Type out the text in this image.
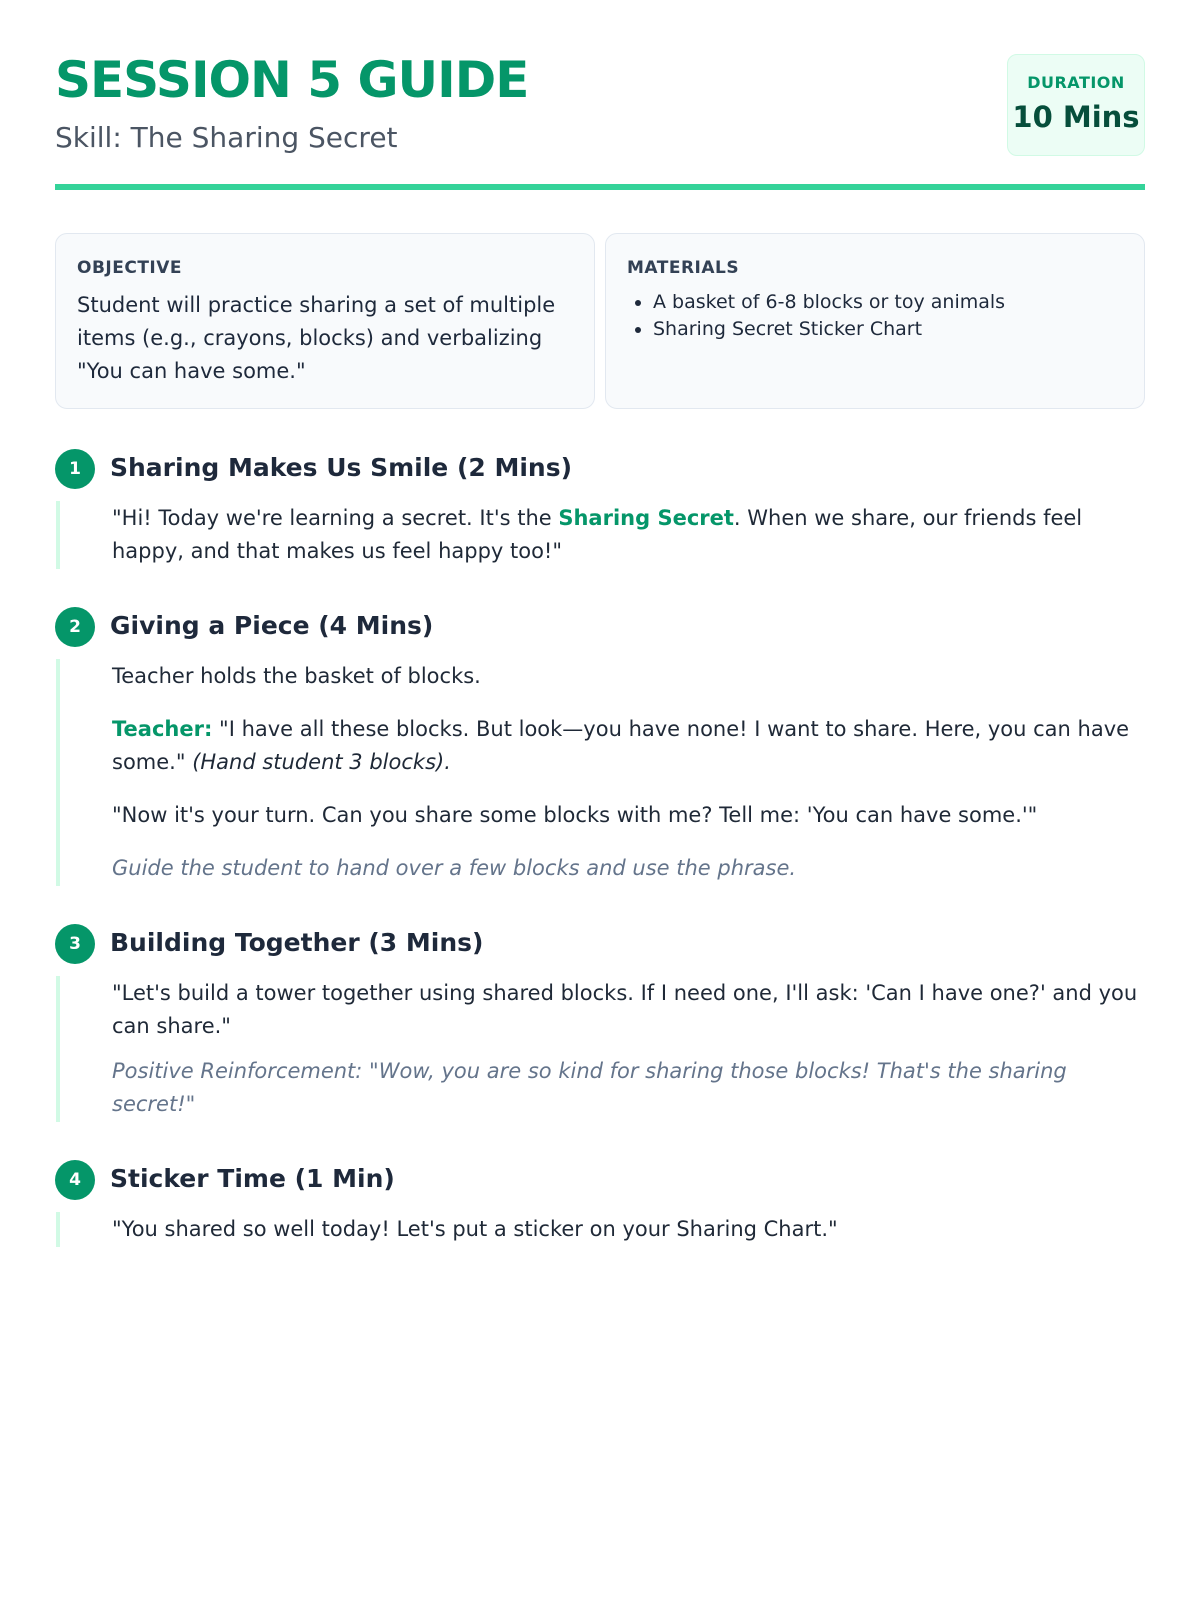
SESSION 5 GUIDE

Skill: The Sharing Secret

DURATION
10 Mins
OBJECTIVE

Student will practice sharing a set of multiple items (e.g., crayons, blocks) and verbalizing "You can have some."

MATERIALS
• A basket of 6-8 blocks or toy animals
• Sharing Secret Sticker Chart
1	Sharing Makes Us Smile (2 Mins)

"Hi! Today we're learning a secret. It's the Sharing Secret. When we share, our friends feel happy, and that makes us feel happy too!"

2	Giving a Piece (4 Mins)

Teacher holds the basket of blocks.

Teacher: "I have all these blocks. But look—you have none! I want to share. Here, you can have some." (Hand student 3 blocks).

"Now it's your turn. Can you share some blocks with me? Tell me: 'You can have some.'"

Guide the student to hand over a few blocks and use the phrase.

3	Building Together (3 Mins)

"Let's build a tower together using shared blocks. If I need one, I'll ask: 'Can I have one?' and you can share."

Positive Reinforcement: "Wow, you are so kind for sharing those blocks! That's the sharing secret!"

4	Sticker Time (1 Min)

"You shared so well today! Let's put a sticker on your Sharing Chart."
